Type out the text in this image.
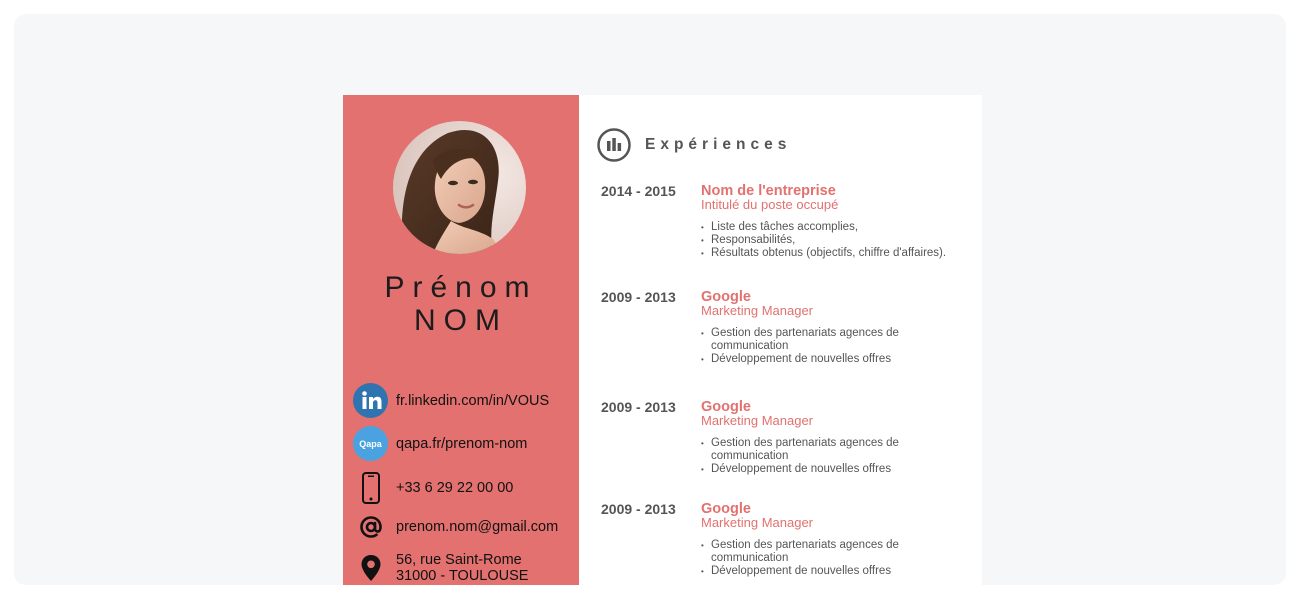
Prénom
NOM
fr.linkedin.com/in/VOUS
Qapa qapa.fr/prenom-nom
+33 6 29 22 00 00
prenom.nom@gmail.com
56, rue Saint-Rome
31000 - TOULOUSE
Expériences
2014 - 2015 Nom de l'entreprise
Intitulé du poste occupé
• Liste des tâches accomplies,
• Responsabilités,
• Résultats obtenus (objectifs, chiffre d'affaires).
2009 - 2013 Google
Marketing Manager
• Gestion des partenariats agences de
communication
• Développement de nouvelles offres
2009 - 2013 Google
Marketing Manager
• Gestion des partenariats agences de
communication
• Développement de nouvelles offres
2009 - 2013 Google
Marketing Manager
• Gestion des partenariats agences de
communication
• Développement de nouvelles offres
